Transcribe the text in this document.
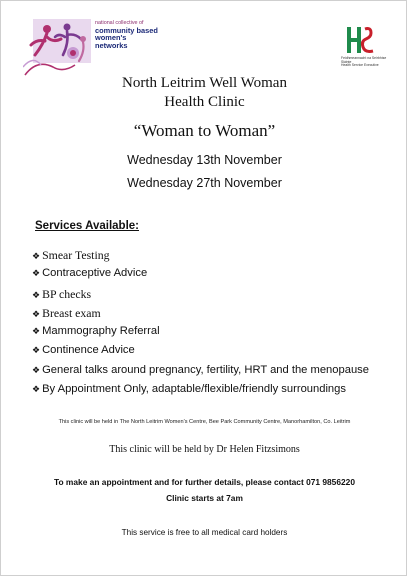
national collective of
community based
women's
networks
Feidhmeannacht na Seirbhíse Sláinte
Health Service Executive
North Leitrim Well Woman
Health Clinic
“Woman to Woman”
Wednesday 13th November
Wednesday 27th November
Services Available:
❖ Smear Testing
❖ Contraceptive Advice
❖ BP checks
❖ Breast exam
❖ Mammography Referral
❖ Continence Advice
❖ General talks around pregnancy, fertility, HRT and the menopause
❖ By Appointment Only, adaptable/flexible/friendly surroundings
This clinic will be held in The North Leitrim Women's Centre, Bee Park Community Centre, Manorhamilton, Co. Leitrim
This clinic will be held by Dr Helen Fitzsimons
To make an appointment and for further details, please contact 071 9856220
Clinic starts at 7am
This service is free to all medical card holders
